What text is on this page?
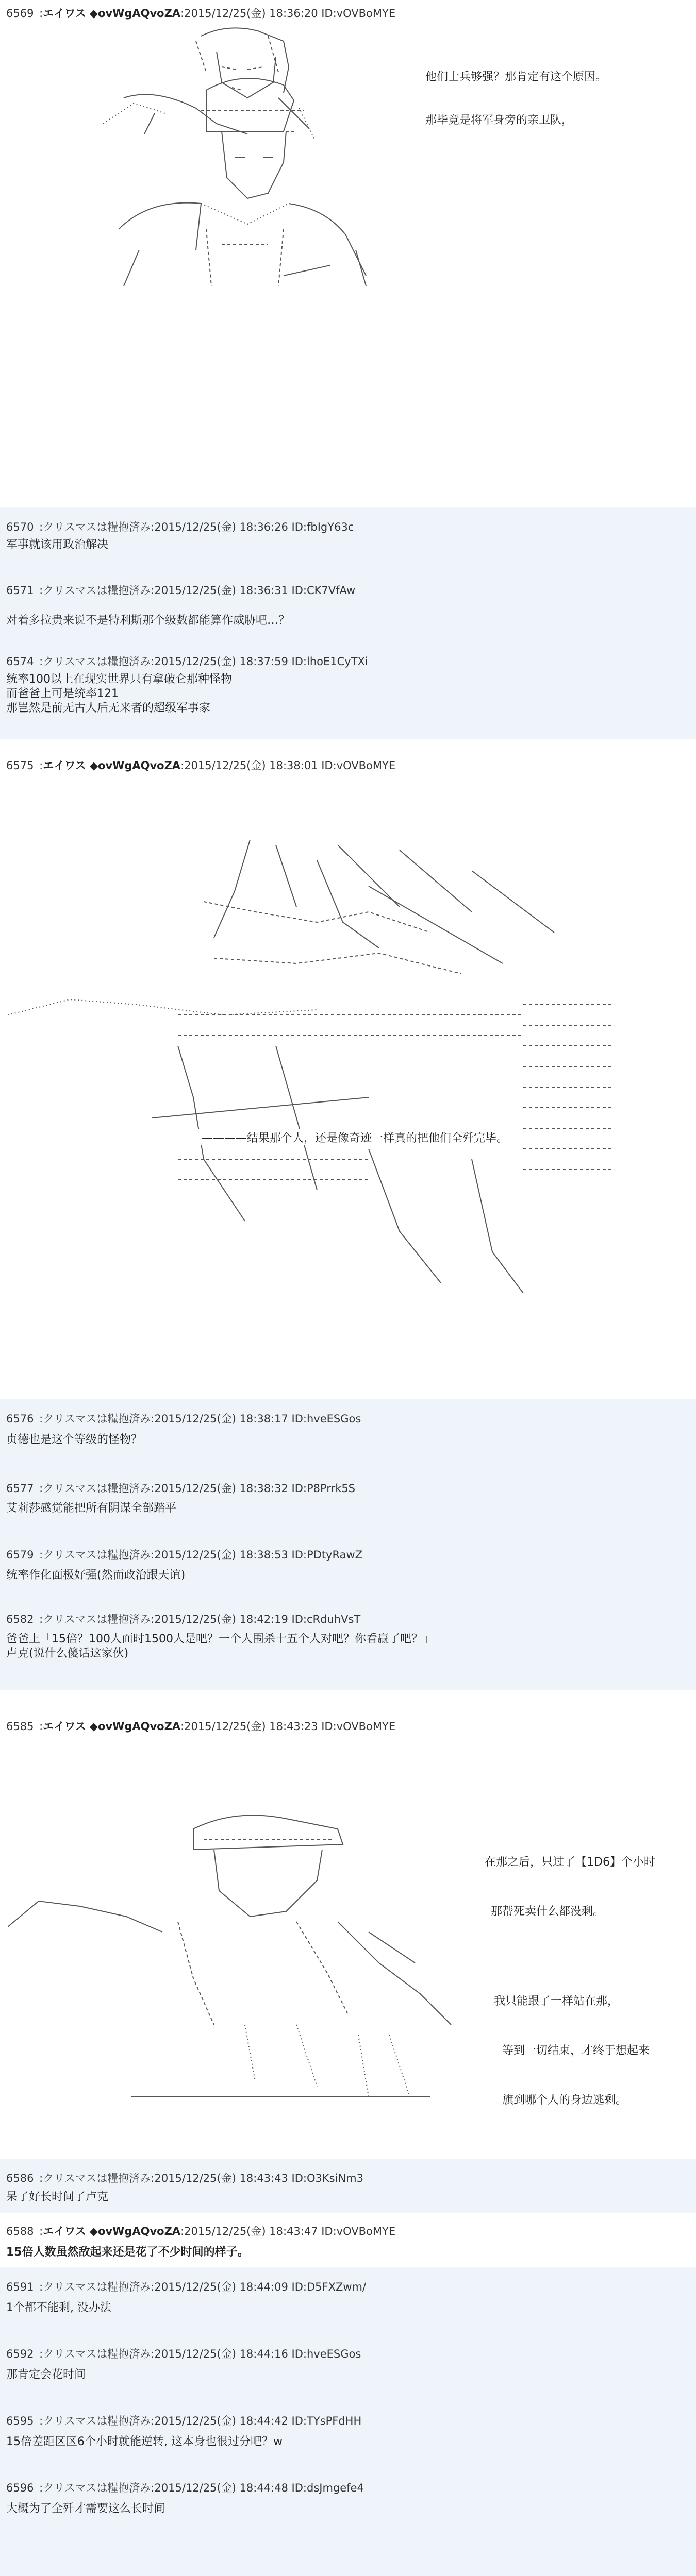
6569 :エイワス ◆ovWgAQvoZA:2015/12/25(金) 18:36:20 ID:vOVBoMYE

他们士兵够强？那肯定有这个原因。

那毕竟是将军身旁的亲卫队，

6570 :クリスマスは糧抱済み:2015/12/25(金) 18:36:26 ID:fbIgY63c
军事就该用政治解决
6571 :クリスマスは糧抱済み:2015/12/25(金) 18:36:31 ID:CK7VfAw
对着多拉贵来说不是特利斯那个级数都能算作威胁吧…？
6574 :クリスマスは糧抱済み:2015/12/25(金) 18:37:59 ID:lhoE1CyTXi
统率100以上在现实世界只有拿破仑那种怪物
而爸爸上可是统率121
那岂然是前无古人后无来者的超级军事家
6575 :エイワス ◆ovWgAQvoZA:2015/12/25(金) 18:38:01 ID:vOVBoMYE
————结果那个人，还是像奇迹一样真的把他们全歼完毕。
6576 :クリスマスは糧抱済み:2015/12/25(金) 18:38:17 ID:hveESGos
贞德也是这个等级的怪物？
6577 :クリスマスは糧抱済み:2015/12/25(金) 18:38:32 ID:P8Prrk5S
艾莉莎感觉能把所有阴谋全部踏平
6579 :クリスマスは糧抱済み:2015/12/25(金) 18:38:53 ID:PDtyRawZ
统率作化面极好强(然而政治跟天谊)
6582 :クリスマスは糧抱済み:2015/12/25(金) 18:42:19 ID:cRduhVsT
爸爸上「15倍？100人面时1500人是吧？一个人围杀十五个人对吧？你看赢了吧？」
卢克(说什么傻话这家伙)
6585 :エイワス ◆ovWgAQvoZA:2015/12/25(金) 18:43:23 ID:vOVBoMYE

在那之后，只过了【1D6】个小时

那帮死卖什么都没剩。

我只能跟了一样站在那，

等到一切结束，才终于想起来

旗到哪个人的身边逃剩。

6586 :クリスマスは糧抱済み:2015/12/25(金) 18:43:43 ID:O3KsiNm3
呆了好长时间了卢克
6588 :エイワス ◆ovWgAQvoZA:2015/12/25(金) 18:43:47 ID:vOVBoMYE
15倍人数虽然敌起来还是花了不少时间的样子。
6591 :クリスマスは糧抱済み:2015/12/25(金) 18:44:09 ID:D5FXZwm/
1个都不能剩, 没办法
6592 :クリスマスは糧抱済み:2015/12/25(金) 18:44:16 ID:hveESGos
那肯定会花时间
6595 :クリスマスは糧抱済み:2015/12/25(金) 18:44:42 ID:TYsPFdHH
15倍差距区区6个小时就能逆转, 这本身也很过分吧？w
6596 :クリスマスは糧抱済み:2015/12/25(金) 18:44:48 ID:dsJmgefe4
大概为了全歼才需要这么长时间
